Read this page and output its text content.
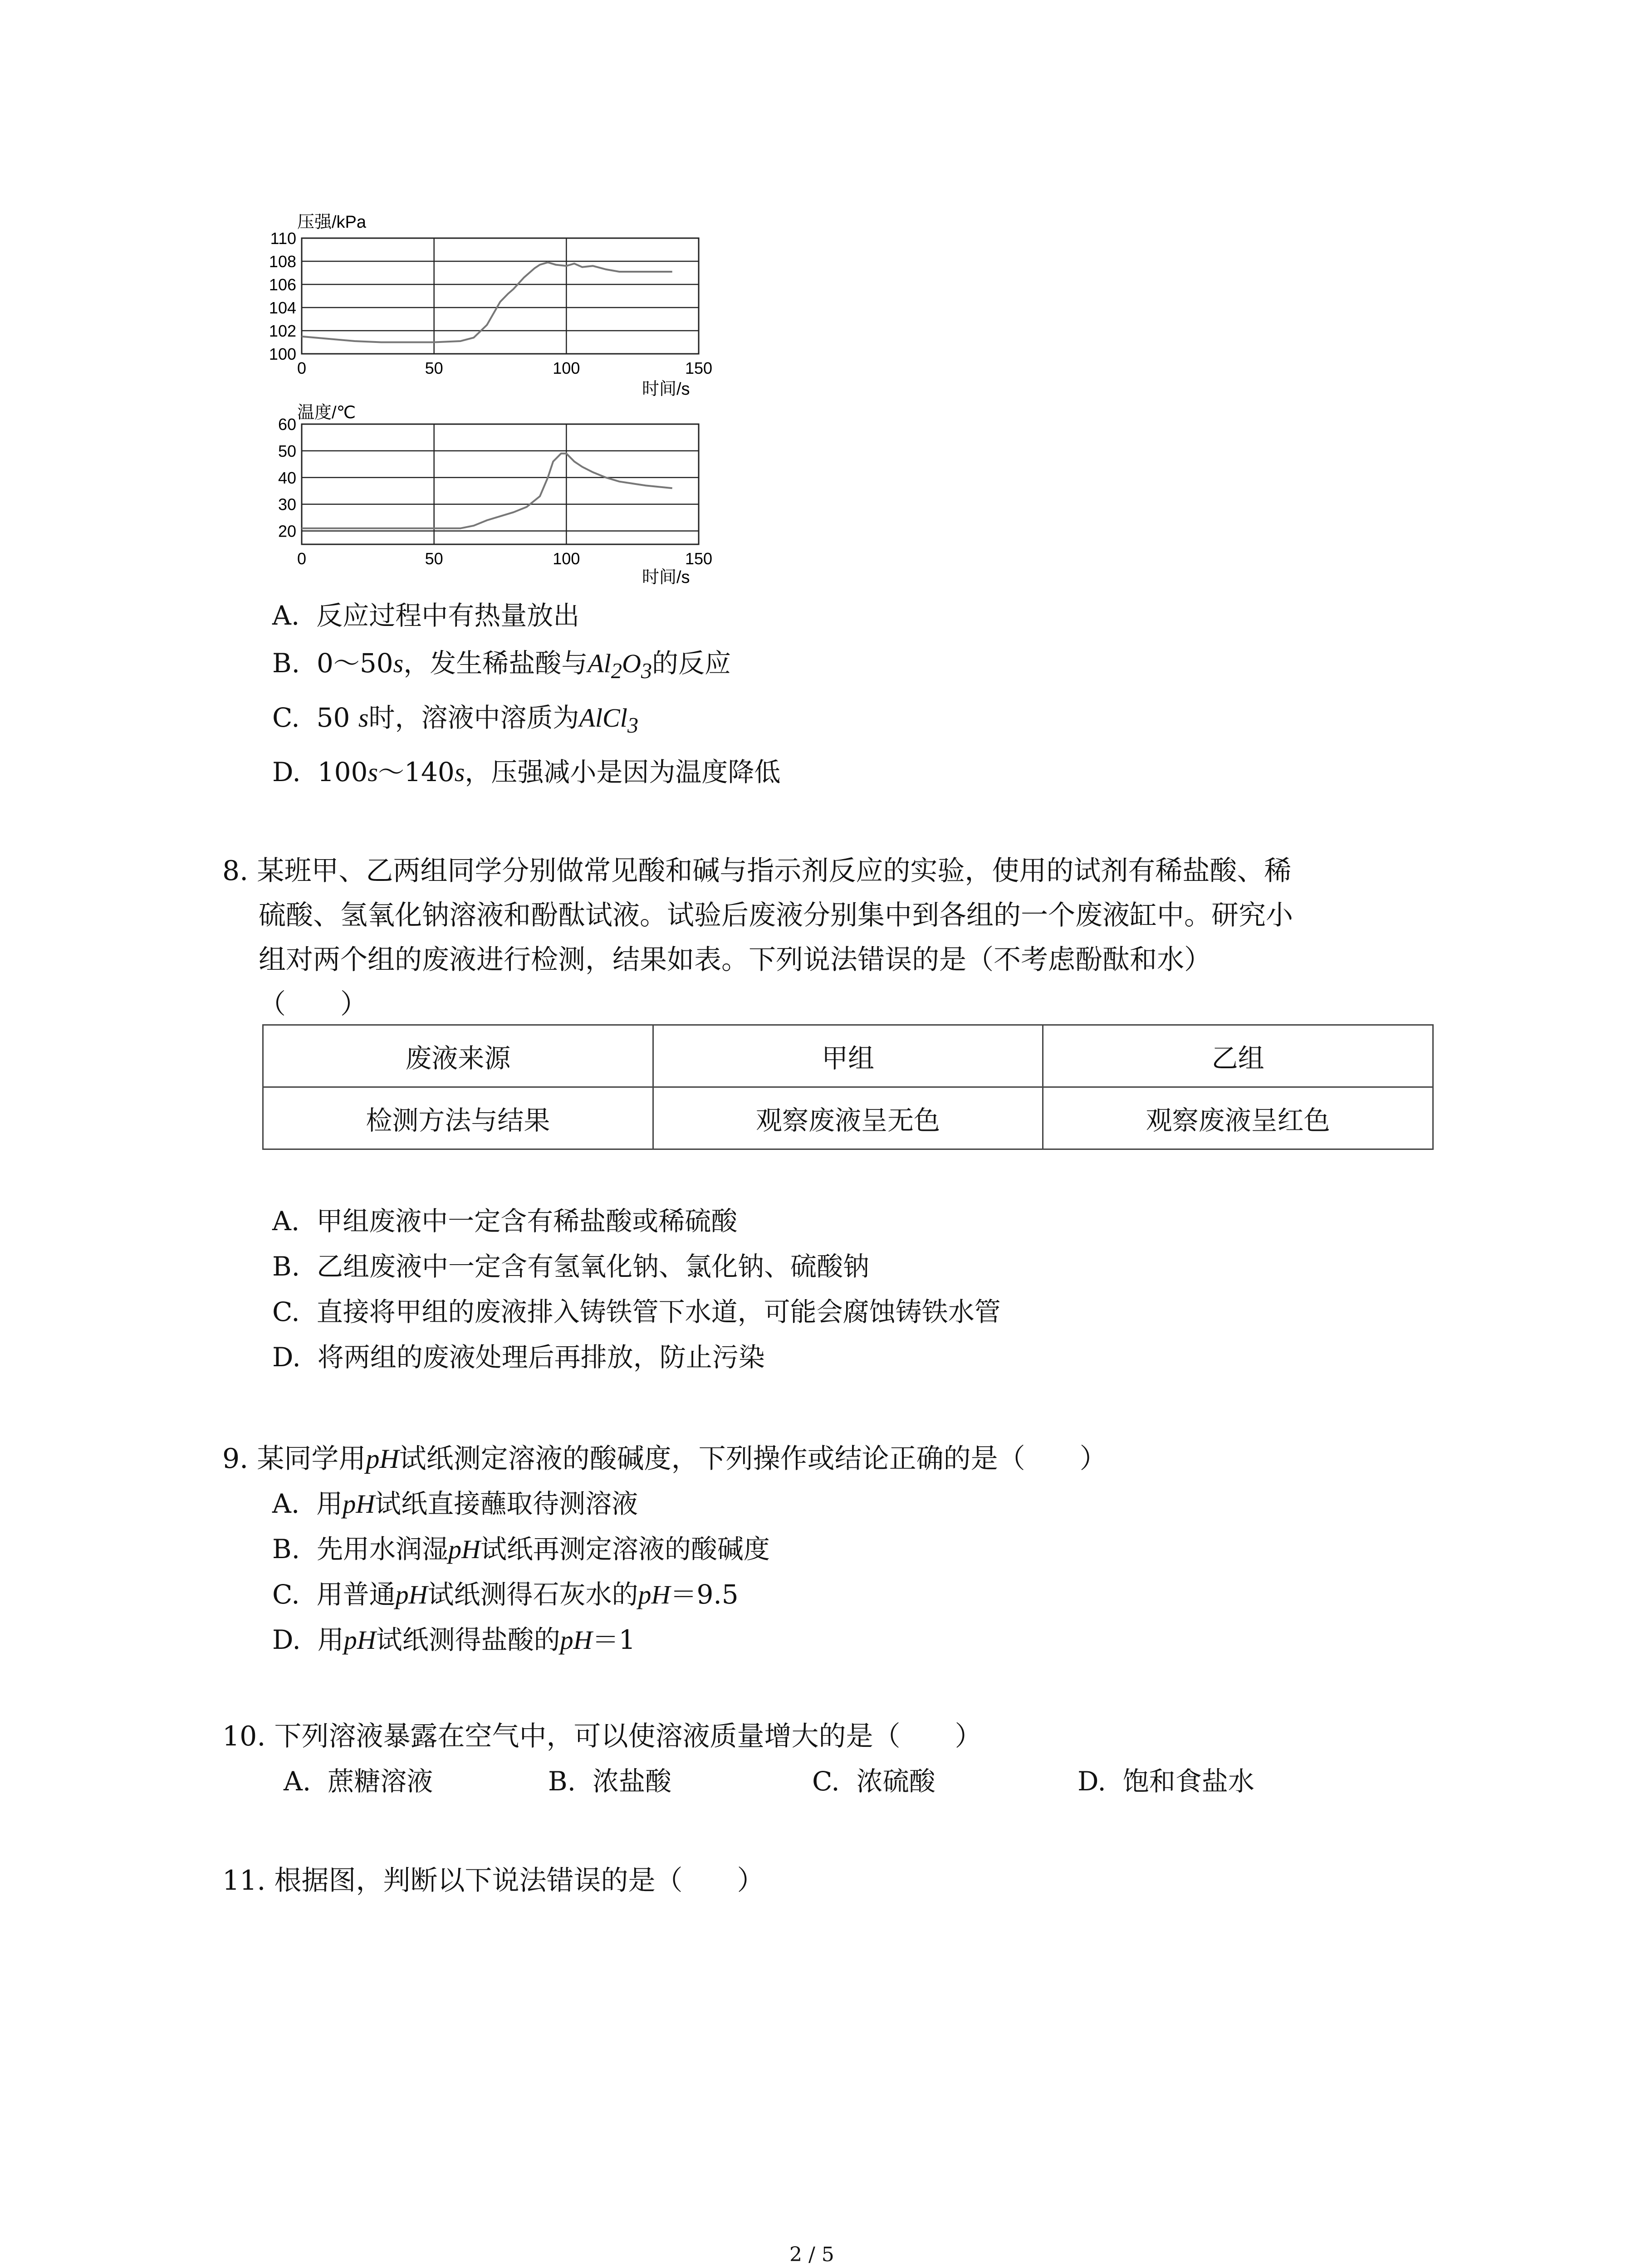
100
102
104
106
108
110
0	50	100	150
压强/kPa
时间/s
20
30
40
50
60
0	50	100	150
温度/℃
时间/s
A. 反应过程中有热量放出
B. 0～50s，发生稀盐酸与$Al_2O_3$的反应
C. 50 s时，溶液中溶质为AlCl$_3$
D. 100s～140s，压强减小是因为温度降低
8. 某班甲、乙两组同学分别做常见酸和碱与指示剂反应的实验，使用的试剂有稀盐酸、稀
硫酸、氢氧化钠溶液和酚酞试液。试验后废液分别集中到各组的一个废液缸中。研究小
组对两个组的废液进行检测，结果如表。下列说法错误的是（不考虑酚酞和水）
（　　）
废液来源	甲组	乙组
检测方法与结果	观察废液呈无色	观察废液呈红色
A. 甲组废液中一定含有稀盐酸或稀硫酸
B. 乙组废液中一定含有氢氧化钠、氯化钠、硫酸钠
C. 直接将甲组的废液排入铸铁管下水道，可能会腐蚀铸铁水管
D. 将两组的废液处理后再排放，防止污染
9. 某同学用pH试纸测定溶液的酸碱度，下列操作或结论正确的是（　　）
A. 用pH试纸直接蘸取待测溶液
B. 先用水润湿pH试纸再测定溶液的酸碱度
C. 用普通pH试纸测得石灰水的pH＝9.5
D. 用pH试纸测得盐酸的pH＝1
10. 下列溶液暴露在空气中，可以使溶液质量增大的是（　　）
A. 蔗糖溶液	B. 浓盐酸	C. 浓硫酸	D. 饱和食盐水
11. 根据图，判断以下说法错误的是（　　）
2 / 5
